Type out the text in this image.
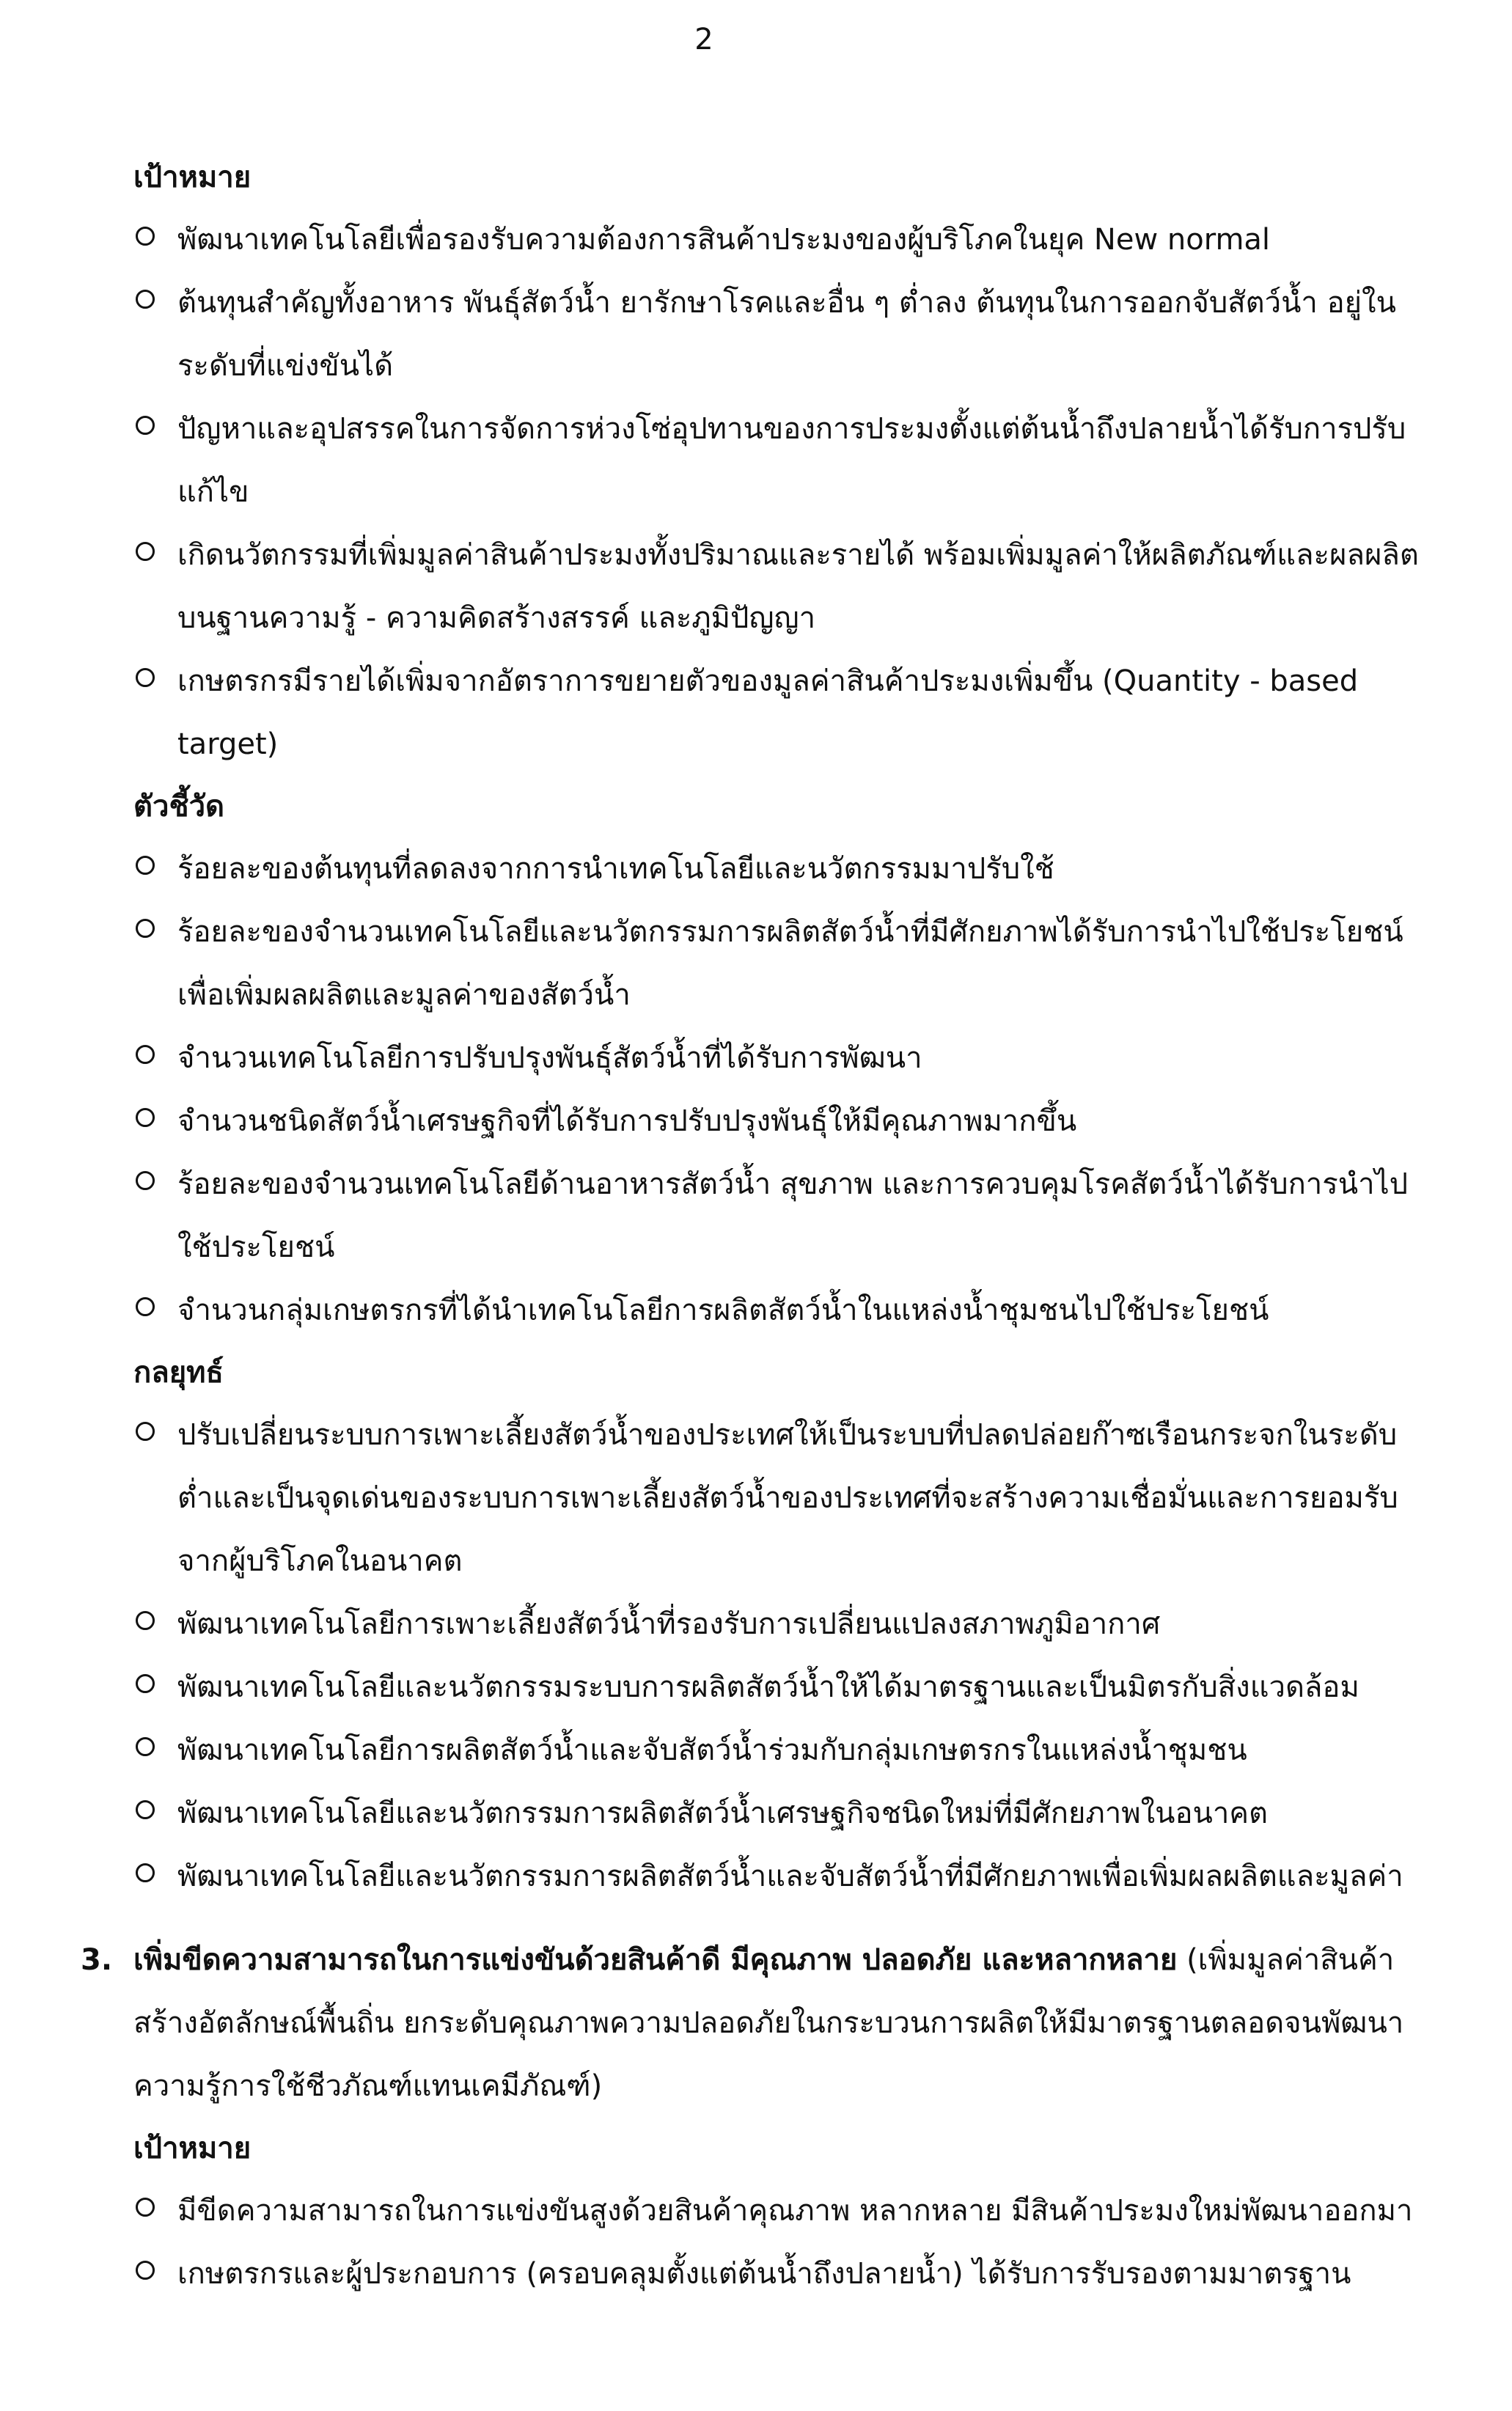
2
เป้าหมาย
พัฒนาเทคโนโลยีเพื่อรองรับความต้องการสินค้าประมงของผู้บริโภคในยุค New normal
ต้นทุนสำคัญทั้งอาหาร พันธุ์สัตว์น้ำ ยารักษาโรคและอื่น ๆ ต่ำลง ต้นทุนในการออกจับสัตว์น้ำ อยู่ในระดับที่แข่งขันได้
ปัญหาและอุปสรรคในการจัดการห่วงโซ่อุปทานของการประมงตั้งแต่ต้นน้ำถึงปลายน้ำได้รับการปรับแก้ไข
เกิดนวัตกรรมที่เพิ่มมูลค่าสินค้าประมงทั้งปริมาณและรายได้ พร้อมเพิ่มมูลค่าให้ผลิตภัณฑ์และผลผลิตบนฐานความรู้ - ความคิดสร้างสรรค์ และภูมิปัญญา
เกษตรกรมีรายได้เพิ่มจากอัตราการขยายตัวของมูลค่าสินค้าประมงเพิ่มขึ้น (Quantity - based target)
ตัวชี้วัด
ร้อยละของต้นทุนที่ลดลงจากการนำเทคโนโลยีและนวัตกรรมมาปรับใช้
ร้อยละของจำนวนเทคโนโลยีและนวัตกรรมการผลิตสัตว์น้ำที่มีศักยภาพได้รับการนำไปใช้ประโยชน์เพื่อเพิ่มผลผลิตและมูลค่าของสัตว์น้ำ
จำนวนเทคโนโลยีการปรับปรุงพันธุ์สัตว์น้ำที่ได้รับการพัฒนา
จำนวนชนิดสัตว์น้ำเศรษฐกิจที่ได้รับการปรับปรุงพันธุ์ให้มีคุณภาพมากขึ้น
ร้อยละของจำนวนเทคโนโลยีด้านอาหารสัตว์น้ำ สุขภาพ และการควบคุมโรคสัตว์น้ำได้รับการนำไปใช้ประโยชน์
จำนวนกลุ่มเกษตรกรที่ได้นำเทคโนโลยีการผลิตสัตว์น้ำในแหล่งน้ำชุมชนไปใช้ประโยชน์
กลยุทธ์
ปรับเปลี่ยนระบบการเพาะเลี้ยงสัตว์น้ำของประเทศให้เป็นระบบที่ปลดปล่อยก๊าซเรือนกระจกในระดับต่ำและเป็นจุดเด่นของระบบการเพาะเลี้ยงสัตว์น้ำของประเทศที่จะสร้างความเชื่อมั่นและการยอมรับจากผู้บริโภคในอนาคต
พัฒนาเทคโนโลยีการเพาะเลี้ยงสัตว์น้ำที่รองรับการเปลี่ยนแปลงสภาพภูมิอากาศ
พัฒนาเทคโนโลยีและนวัตกรรมระบบการผลิตสัตว์น้ำให้ได้มาตรฐานและเป็นมิตรกับสิ่งแวดล้อม
พัฒนาเทคโนโลยีการผลิตสัตว์น้ำและจับสัตว์น้ำร่วมกับกลุ่มเกษตรกรในแหล่งน้ำชุมชน
พัฒนาเทคโนโลยีและนวัตกรรมการผลิตสัตว์น้ำเศรษฐกิจชนิดใหม่ที่มีศักยภาพในอนาคต
พัฒนาเทคโนโลยีและนวัตกรรมการผลิตสัตว์น้ำและจับสัตว์น้ำที่มีศักยภาพเพื่อเพิ่มผลผลิตและมูลค่า
3. เพิ่มขีดความสามารถในการแข่งขันด้วยสินค้าดี มีคุณภาพ ปลอดภัย และหลากหลาย (เพิ่มมูลค่าสินค้าสร้างอัตลักษณ์พื้นถิ่น ยกระดับคุณภาพความปลอดภัยในกระบวนการผลิตให้มีมาตรฐานตลอดจนพัฒนาความรู้การใช้ชีวภัณฑ์แทนเคมีภัณฑ์)
เป้าหมาย
มีขีดความสามารถในการแข่งขันสูงด้วยสินค้าคุณภาพ หลากหลาย มีสินค้าประมงใหม่พัฒนาออกมา
เกษตรกรและผู้ประกอบการ (ครอบคลุมตั้งแต่ต้นน้ำถึงปลายน้ำ) ได้รับการรับรองตามมาตรฐาน
